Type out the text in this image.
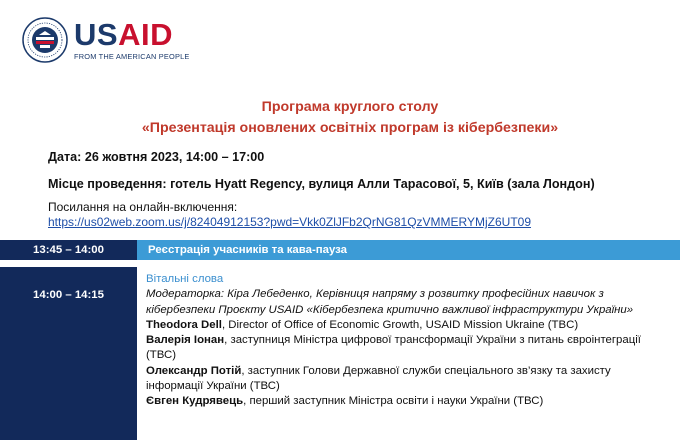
USAID
FROM THE AMERICAN PEOPLE
Програма круглого столу
«Презентація оновлених освітніх програм із кібербезпеки»
Дата: 26 жовтня 2023, 14:00 – 17:00
Місце проведення: готель Hyatt Regency, вулиця Алли Тарасової, 5, Київ (зала Лондон)
Посилання на онлайн-включення:
https://us02web.zoom.us/j/82404912153?pwd=Vkk0ZlJFb2QrNG81QzVMMERYMjZ6UT09
13:45 – 14:00	Реєстрація учасників та кава-пауза
14:00 – 14:15
Вітальні слова
Модераторка: Кіра Лебеденко, Керівниця напряму з розвитку професійних навичок з кібербезпеки Проєкту USAID «Кібербезпека критично важливої інфраструктури України»
Theodora Dell, Director of Office of Economic Growth, USAID Mission Ukraine (TBC)
Валерія Іонан, заступниця Міністра цифрової трансформації України з питань євроінтеграції (ТВС)
Олександр Потій, заступник Голови Державної служби спеціального зв’язку та захисту інформації України (ТВС)
Євген Кудрявець, перший заступник Міністра освіти і науки України (ТВС)
